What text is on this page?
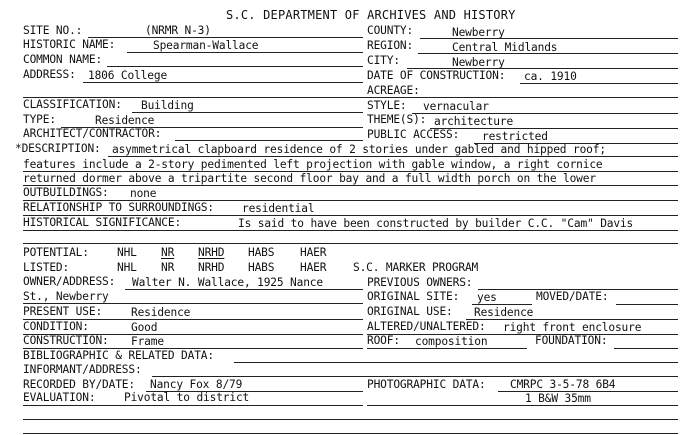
S.C. DEPARTMENT OF ARCHIVES AND HISTORY
SITE NO.:	(NRMR N-3)	COUNTY:	Newberry
HISTORIC NAME:	Spearman-Wallace	REGION:	Central Midlands
COMMON NAME:	CITY:	Newberry
ADDRESS: 1806 College	DATE OF CONSTRUCTION: ca. 1910
ACREAGE:
CLASSIFICATION: Building	STYLE: vernacular
TYPE:	Residence	THEME(S): architecture
ARCHITECT/CONTRACTOR:	PUBLIC ACCESS: restricted
*DESCRIPTION: asymmetrical clapboard residence of 2 stories under gabled and hipped roof;
features include a 2-story pedimented left projection with gable window, a right cornice
returned dormer above a tripartite second floor bay and a full width porch on the lower
OUTBUILDINGS: none
RELATIONSHIP TO SURROUNDINGS:	residential
HISTORICAL SIGNIFICANCE:	Is said to have been constructed by builder C.C. "Cam" Davis
POTENTIAL:	NHL NR NRHD HABS HAER
LISTED:	NHL NR NRHD HABS HAER S.C. MARKER PROGRAM
OWNER/ADDRESS: Walter N. Wallace, 1925 Nance	PREVIOUS OWNERS:
St., Newberry	ORIGINAL SITE: yes	MOVED/DATE:
PRESENT USE:	Residence	ORIGINAL USE: Residence
CONDITION:	Good	ALTERED/UNALTERED: right front enclosure
CONSTRUCTION: Frame	ROOF: composition	FOUNDATION:
BIBLIOGRAPHIC & RELATED DATA:
INFORMANT/ADDRESS:
RECORDED BY/DATE: Nancy Fox 8/79	PHOTOGRAPHIC DATA: CMRPC 3-5-78 6B4
EVALUATION:	Pivotal to district	1 B&W 35mm
